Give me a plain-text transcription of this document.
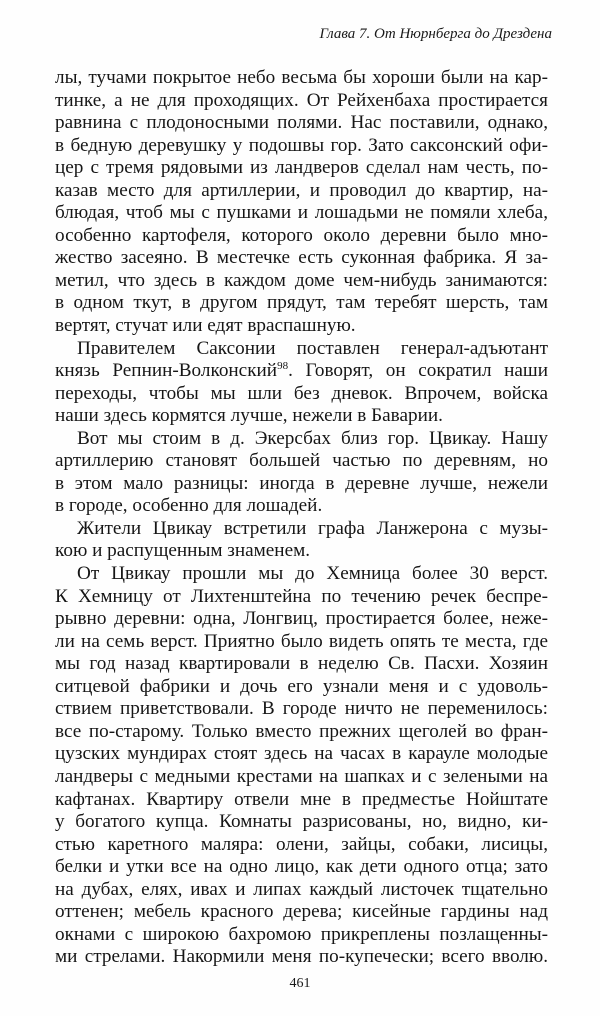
Глава 7. От Нюрнберга до Дрездена
лы, тучами покрытое небо весьма бы хороши были на кар-
тинке, а не для проходящих. От Рейхенбаха простирается
равнина с плодоносными полями. Нас поставили, однако,
в бедную деревушку у подошвы гор. Зато саксонский офи-
цер с тремя рядовыми из ландверов сделал нам честь, по-
казав место для артиллерии, и проводил до квартир, на-
блюдая, чтоб мы с пушками и лошадьми не помяли хлеба,
особенно картофеля, которого около деревни было мно-
жество засеяно. В местечке есть суконная фабрика. Я за-
метил, что здесь в каждом доме чем-нибудь занимаются:
в одном ткут, в другом прядут, там теребят шерсть, там
вертят, стучат или едят враспашную.
Правителем Саксонии поставлен генерал-адъютант
князь Репнин-Волконский$^{98}$. Говорят, он сократил наши
переходы, чтобы мы шли без дневок. Впрочем, войска
наши здесь кормятся лучше, нежели в Баварии.
Вот мы стоим в д. Экерсбах близ гор. Цвикау. Нашу
артиллерию становят большей частью по деревням, но
в этом мало разницы: иногда в деревне лучше, нежели
в городе, особенно для лошадей.
Жители Цвикау встретили графа Ланжерона с музы-
кою и распущенным знаменем.
От Цвикау прошли мы до Хемница более 30 верст.
К Хемницу от Лихтенштейна по течению речек беспре-
рывно деревни: одна, Лонгвиц, простирается более, неже-
ли на семь верст. Приятно было видеть опять те места, где
мы год назад квартировали в неделю Св. Пасхи. Хозяин
ситцевой фабрики и дочь его узнали меня и с удоволь-
ствием приветствовали. В городе ничто не переменилось:
все по-старому. Только вместо прежних щеголей во фран-
цузских мундирах стоят здесь на часах в карауле молодые
ландверы с медными крестами на шапках и с зелеными на
кафтанах. Квартиру отвели мне в предместье Нойштате
у богатого купца. Комнаты разрисованы, но, видно, ки-
стью каретного маляра: олени, зайцы, собаки, лисицы,
белки и утки все на одно лицо, как дети одного отца; зато
на дубах, елях, ивах и липах каждый листочек тщательно
оттенен; мебель красного дерева; кисейные гардины над
окнами с широкою бахромою прикреплены позлащенны-
ми стрелами. Накормили меня по-купечески; всего вволю.
461
